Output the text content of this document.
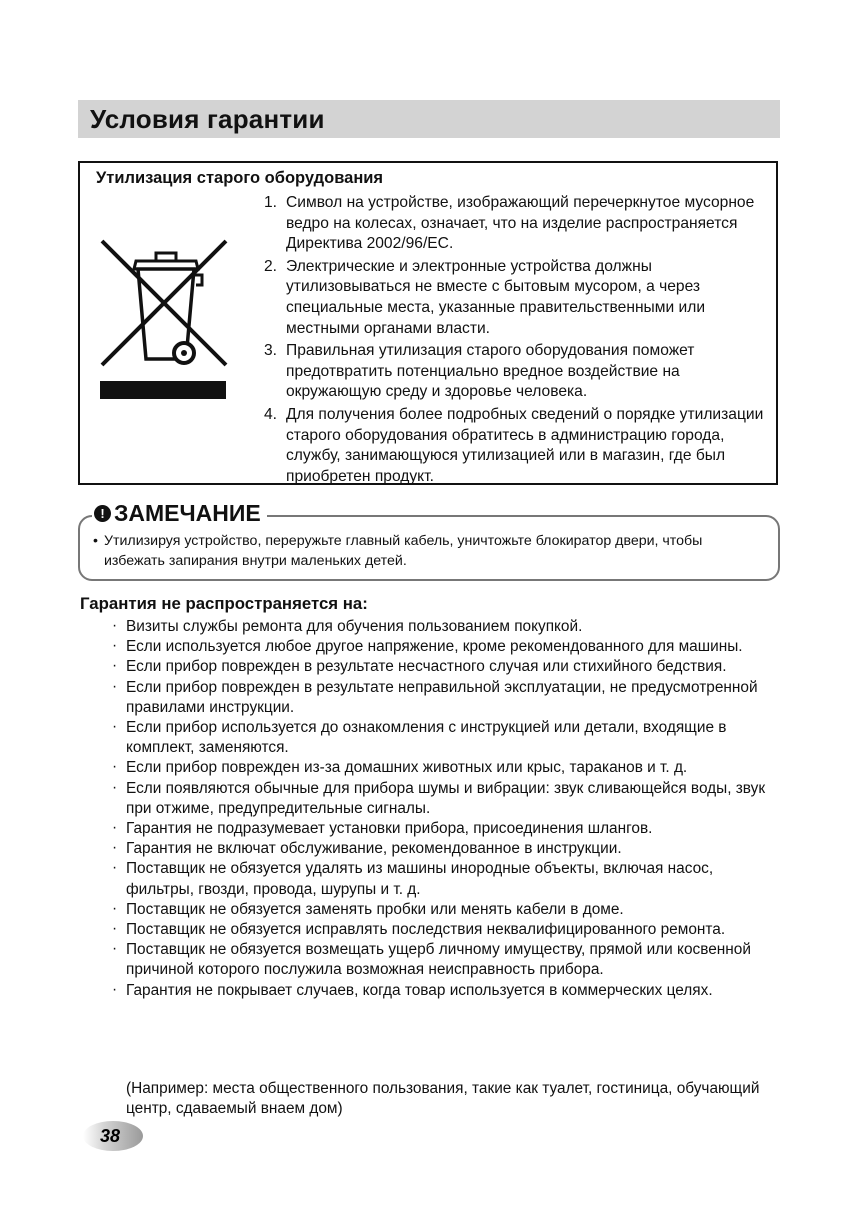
Условия гарантии
Утилизация старого оборудования
1. Символ на устройстве, изображающий перечеркнутое мусорное ведро на колесах, означает, что на изделие распространяется Директива 2002/96/EC.
2. Электрические и электронные устройства должны утилизовываться не вместе с бытовым мусором, а через специальные места, указанные правительственными или местными органами власти.
3. Правильная утилизация старого оборудования поможет предотвратить потенциально вредное воздействие на окружающую среду и здоровье человека.
4. Для получения более подробных сведений о порядке утилизации старого оборудования обратитесь в администрацию города, службу, занимающуюся утилизацией или в магазин, где был приобретен продукт.
! ЗАМЕЧАНИЕ
• Утилизируя устройство, перерyжьте главный кабель, уничтожьте блокиратор двери, чтобы избежать запирания внутри маленьких детей.
Гарантия не распространяется на:
· Визиты службы ремонта для обучения пользованием покупкой.
· Если используется любое другое напряжение, кроме рекомендованного для машины.
· Если прибор поврежден в результате несчастного случая или стихийного бедствия.
· Если прибор поврежден в результате неправильной эксплуатации, не предусмотренной правилами инструкции.
· Если прибор используется до ознакомления с инструкцией или детали, входящие в комплект, заменяются.
· Если прибор поврежден из-за домашних животных или крыс, тараканов и т. д.
· Если появляются обычные для прибора шумы и вибрации: звук сливающейся воды, звук при отжиме, предупредительные сигналы.
· Гарантия не подразумевает установки прибора, присоединения шлангов.
· Гарантия не включат обслуживание, рекомендованное в инструкции.
· Поставщик не обязуется удалять из машины инородные объекты, включая насос, фильтры, гвозди, провода, шурупы и т. д.
· Поставщик не обязуется заменять пробки или менять кабели в доме.
· Поставщик не обязуется исправлять последствия неквалифицированного ремонта.
· Поставщик не обязуется возмещать ущерб личному имуществу, прямой или косвенной причиной которого послужила возможная неисправность прибора.
· Гарантия не покрывает случаев, когда товар используется в коммерческих целях.
(Например: места общественного пользования, такие как туалет, гостиница, обучающий центр, сдаваемый внаем дом)
38
